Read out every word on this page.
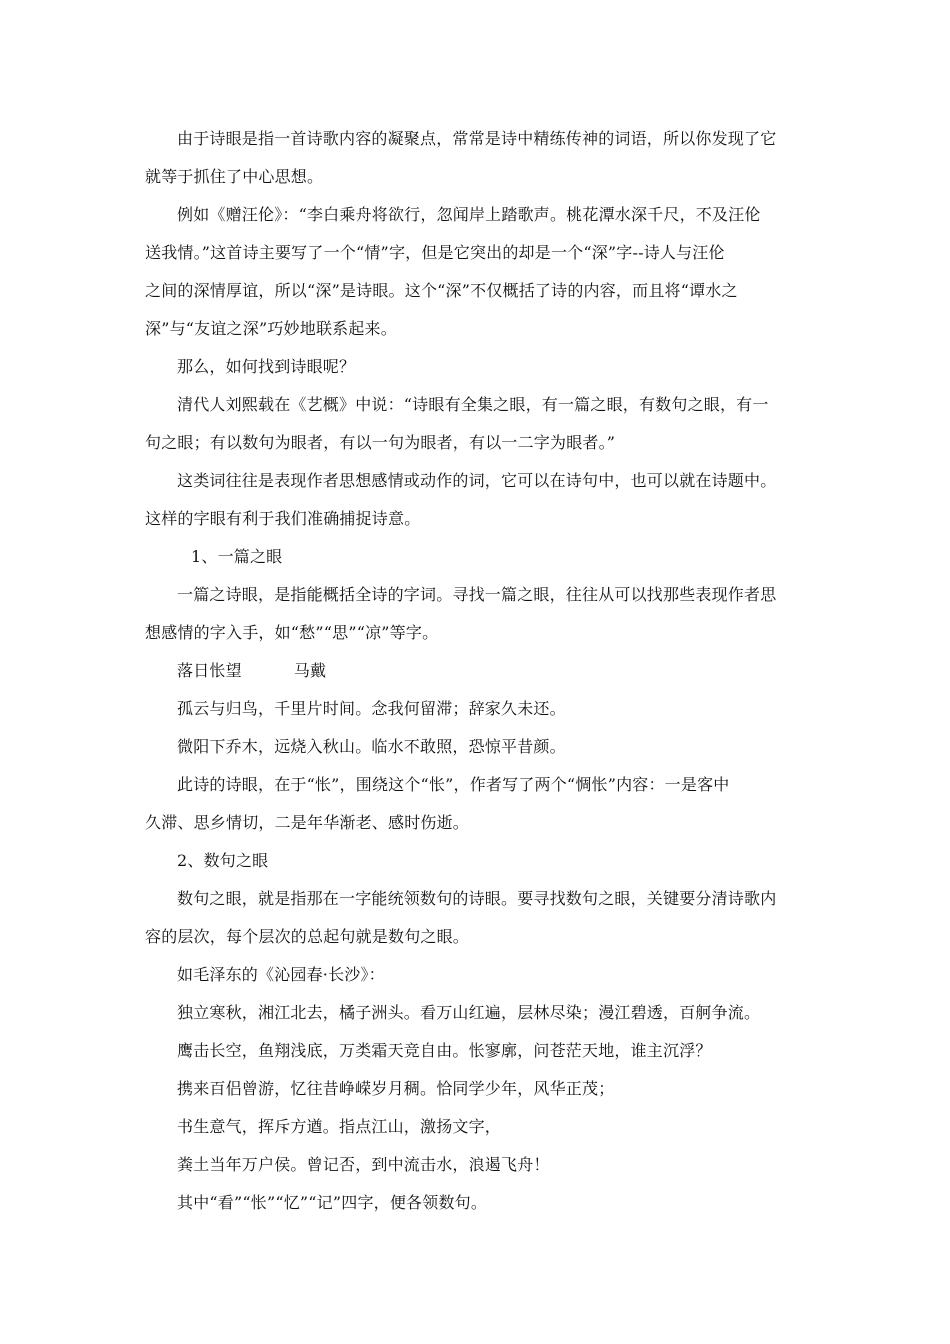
由于诗眼是指一首诗歌内容的凝聚点，常常是诗中精练传神的词语，所以你发现了它
就等于抓住了中心思想。
例如《赠汪伦》：“李白乘舟将欲行，忽闻岸上踏歌声。桃花潭水深千尺，不及汪伦
送我情。”这首诗主要写了一个“情”字，但是它突出的却是一个“深”字--诗人与汪伦
之间的深情厚谊，所以“深”是诗眼。这个“深”不仅概括了诗的内容，而且将“谭水之
深”与“友谊之深”巧妙地联系起来。
那么，如何找到诗眼呢？
清代人刘熙载在《艺概》中说：“诗眼有全集之眼，有一篇之眼，有数句之眼，有一
句之眼；有以数句为眼者，有以一句为眼者，有以一二字为眼者。”
这类词往往是表现作者思想感情或动作的词，它可以在诗句中，也可以就在诗题中。
这样的字眼有利于我们准确捕捉诗意。
1、一篇之眼
一篇之诗眼，是指能概括全诗的字词。寻找一篇之眼，往往从可以找那些表现作者思
想感情的字入手，如“愁”“思”“凉”等字。
落日怅望	马戴
孤云与归鸟，千里片时间。念我何留滞；辞家久未还。
微阳下乔木，远烧入秋山。临水不敢照，恐惊平昔颜。
此诗的诗眼，在于“怅”，围绕这个“怅”，作者写了两个“惆怅”内容：一是客中
久滞、思乡情切，二是年华渐老、感时伤逝。
2、数句之眼
数句之眼，就是指那在一字能统领数句的诗眼。要寻找数句之眼，关键要分清诗歌内
容的层次，每个层次的总起句就是数句之眼。
如毛泽东的《沁园春·长沙》：
独立寒秋，湘江北去，橘子洲头。看万山红遍，层林尽染；漫江碧透，百舸争流。
鹰击长空，鱼翔浅底，万类霜天竞自由。怅寥廓，问苍茫天地，谁主沉浮？
携来百侣曾游，忆往昔峥嵘岁月稠。恰同学少年，风华正茂；
书生意气，挥斥方遒。指点江山，激扬文字，
粪土当年万户侯。曾记否，到中流击水，浪遏飞舟！
其中“看”“怅”“忆”“记”四字，便各领数句。
